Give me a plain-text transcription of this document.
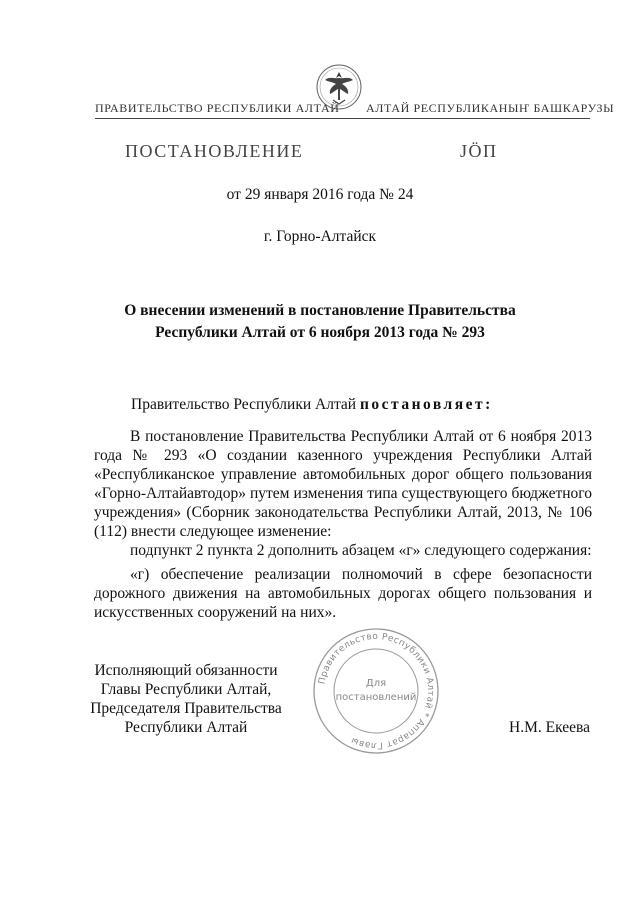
ПРАВИТЕЛЬСТВО РЕСПУБЛИКИ АЛТАЙ АЛТАЙ РЕСПУБЛИКАНЫҤ БАШКАРУЗЫ
ПОСТАНОВЛЕНИЕ	ЈӦП
от 29 января 2016 года № 24
г. Горно-Алтайск
О внесении изменений в постановление Правительства
Республики Алтай от 6 ноября 2013 года № 293
Правительство Республики Алтай постановляет:
В постановление Правительства Республики Алтай от 6 ноября 2013
года № 293 «О создании казенного учреждения Республики Алтай
«Республиканское управление автомобильных дорог общего пользования
«Горно-Алтайавтодор» путем изменения типа существующего бюджетного
учреждения» (Сборник законодательства Республики Алтай, 2013, № 106
(112) внести следующее изменение:
подпункт 2 пункта 2 дополнить абзацем «г» следующего содержания:
«г) обеспечение реализации полномочий в сфере безопасности
дорожного движения на автомобильных дорогах общего пользования и
искусственных сооружений на них».
Исполняющий обязанности
Главы Республики Алтай,
Председателя Правительства
Республики Алтай	Н.М. Екеева
Правительство Республики Алтай * Аппарат Главы
Для
постановлений
